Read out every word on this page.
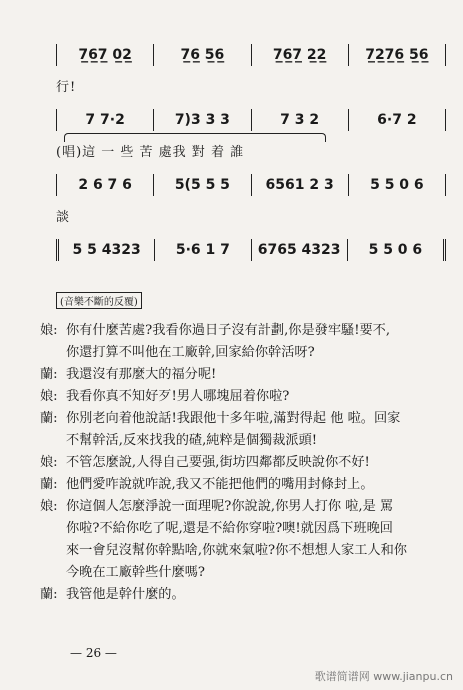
7̲6̲7̲ 0̲2̲	7̲6̲ 5̲6̲	7̲6̲7̲ 2̲2̲	7̲2̲7̲6̲ 5̲6̲
行!
7 7·2	7)3 3 3	7 3 2	6·7 2
(唱)這 一 些 苦 處我 對 着 誰
2 6 7 6	5(5 5 5	6561 2 3	5 5 0 6
談
5 5 4323	5·6 1 7	6765 4323	5 5 0 6
(音樂不斷的反覆)
娘: 你有什麼苦處?我看你過日子沒有計劃,你是發牢騷!要不,
你還打算不叫他在工廠幹,回家給你幹活呀?
蘭: 我還沒有那麼大的福分呢!
娘: 我看你真不知好歹!男人哪塊屈着你啦?
蘭: 你別老向着他說話!我跟他十多年啦,滿對得起 他 啦。回家
不幫幹活,反來找我的碴,純粹是個獨裁派頭!
娘: 不管怎麼說,人得自己要强,街坊四鄰都反映說你不好!
蘭: 他們愛咋說就咋說,我又不能把他們的嘴用封條封上。
娘: 你這個人怎麼淨說一面理呢?你說說,你男人打你 啦,是 罵
你啦?不給你吃了呢,還是不給你穿啦?噢!就因爲下班晚回
來一會兒沒幫你幹點啥,你就來氣啦?你不想想人家工人和你
今晚在工廠幹些什麼嗎?
蘭: 我管他是幹什麼的。
— 26 —
歌谱简谱网 www.jianpu.cn
